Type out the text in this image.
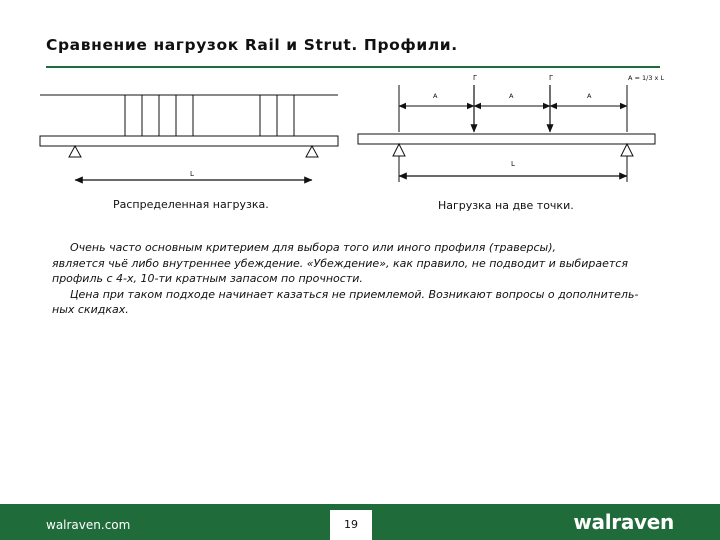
Сравнение нагрузок Rail и Strut. Профили.
L
Г	Г	A = 1/3 x L
A	A	A
L
Распределенная нагрузка.	Нагрузка на две точки.

Очень часто основным критерием для выбора того или иного профиля (траверсы),

является чьё либо внутреннее убеждение. «Убеждение», как правило, не подводит и выбирается

профиль с 4-х, 10-ти кратным запасом по прочности.

Цена при таком подходе начинает казаться не приемлемой. Возникают вопросы о дополнитель-

ных скидках.

walraven.com	19	walraven
